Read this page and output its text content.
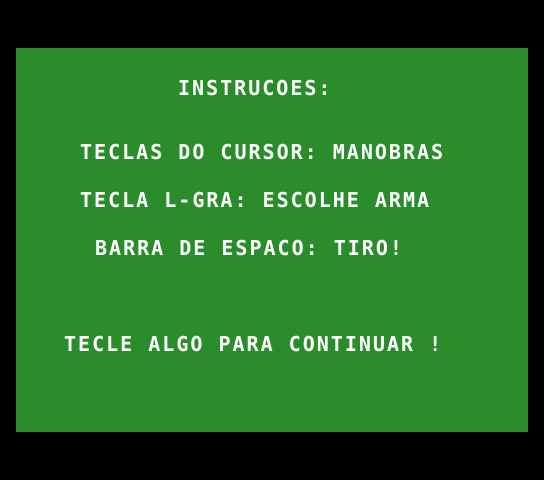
INSTRUCOES:
TECLAS DO CURSOR: MANOBRAS
TECLA L-GRA: ESCOLHE ARMA
BARRA DE ESPACO: TIRO!
TECLE ALGO PARA CONTINUAR !
